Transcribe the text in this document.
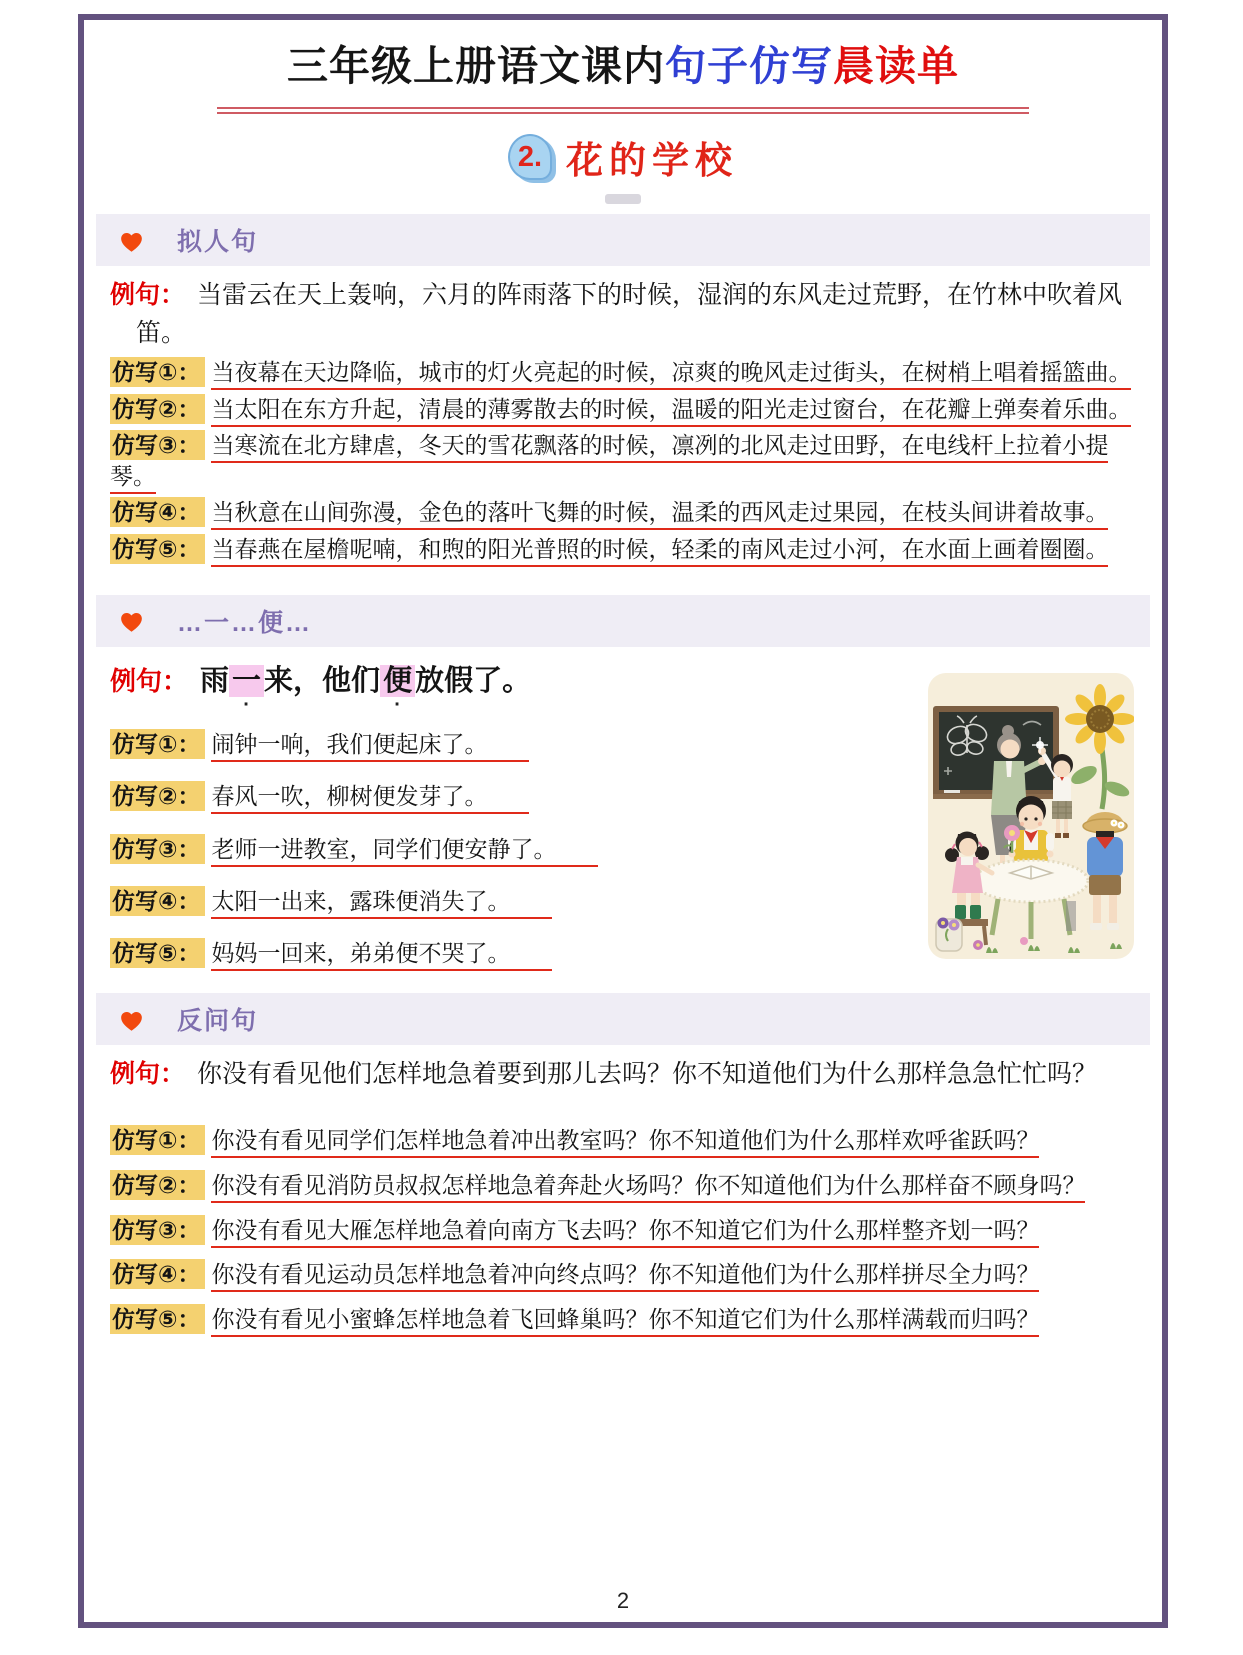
三年级上册语文课内句子仿写晨读单
2. 花的学校
拟人句

例句： 当雷云在天上轰响，六月的阵雨落下的时候，湿润的东风走过荒野，在竹林中吹着风笛。

仿写①： 当夜幕在天边降临，城市的灯火亮起的时候，凉爽的晚风走过街头，在树梢上唱着摇篮曲。

仿写②： 当太阳在东方升起，清晨的薄雾散去的时候，温暖的阳光走过窗台，在花瓣上弹奏着乐曲。

仿写③： 当寒流在北方肆虐，冬天的雪花飘落的时候，凛冽的北风走过田野，在电线杆上拉着小提琴。

仿写④： 当秋意在山间弥漫，金色的落叶飞舞的时候，温柔的西风走过果园，在枝头间讲着故事。

仿写⑤： 当春燕在屋檐呢喃，和煦的阳光普照的时候，轻柔的南风走过小河，在水面上画着圈圈。

…一…便…

例句： 雨 一
·
来，他们 便
·
放假了。

仿写①： 闹钟一响，我们便起床了。

仿写②： 春风一吹，柳树便发芽了。

仿写③： 老师一进教室，同学们便安静了。

仿写④： 太阳一出来，露珠便消失了。

仿写⑤： 妈妈一回来，弟弟便不哭了。

反问句

例句： 你没有看见他们怎样地急着要到那儿去吗？你不知道他们为什么那样急急忙忙吗？

仿写①： 你没有看见同学们怎样地急着冲出教室吗？你不知道他们为什么那样欢呼雀跃吗？

仿写②： 你没有看见消防员叔叔怎样地急着奔赴火场吗？你不知道他们为什么那样奋不顾身吗？

仿写③： 你没有看见大雁怎样地急着向南方飞去吗？你不知道它们为什么那样整齐划一吗？

仿写④： 你没有看见运动员怎样地急着冲向终点吗？你不知道他们为什么那样拼尽全力吗？

仿写⑤： 你没有看见小蜜蜂怎样地急着飞回蜂巢吗？你不知道它们为什么那样满载而归吗？

2
